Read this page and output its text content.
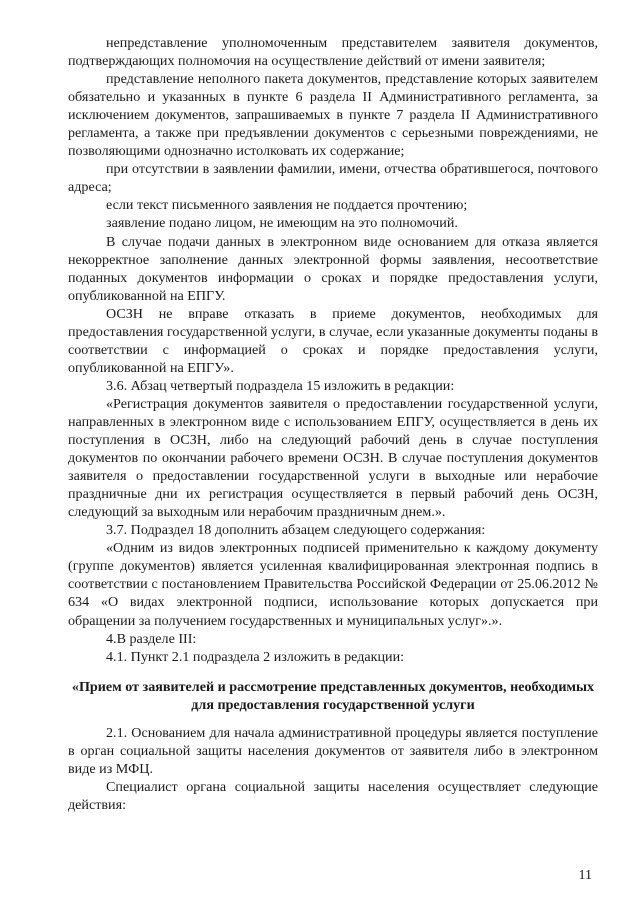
непредставление уполномоченным представителем заявителя документов, подтверждающих полномочия на осуществление действий от имени заявителя;

представление неполного пакета документов, представление которых заявителем обязательно и указанных в пункте 6 раздела II Административного регламента, за исключением документов, запрашиваемых в пункте 7 раздела II Административного регламента, а также при предъявлении документов с серьезными повреждениями, не позволяющими однозначно истолковать их содержание;

при отсутствии в заявлении фамилии, имени, отчества обратившегося, почтового адреса;

если текст письменного заявления не поддается прочтению;

заявление подано лицом, не имеющим на это полномочий.

В случае подачи данных в электронном виде основанием для отказа является некорректное заполнение данных электронной формы заявления, несоответствие поданных документов информации о сроках и порядке предоставления услуги, опубликованной на ЕПГУ.

ОСЗН не вправе отказать в приеме документов, необходимых для предоставления государственной услуги, в случае, если указанные документы поданы в соответствии с информацией о сроках и порядке предоставления услуги, опубликованной на ЕПГУ».

3.6. Абзац четвертый подраздела 15 изложить в редакции:

«Регистрация документов заявителя о предоставлении государственной услуги, направленных в электронном виде с использованием ЕПГУ, осуществляется в день их поступления в ОСЗН, либо на следующий рабочий день в случае поступления документов по окончании рабочего времени ОСЗН. В случае поступления документов заявителя о предоставлении государственной услуги в выходные или нерабочие праздничные дни их регистрация осуществляется в первый рабочий день ОСЗН, следующий за выходным или нерабочим праздничным днем.».

3.7. Подраздел 18 дополнить абзацем следующего содержания:

«Одним из видов электронных подписей применительно к каждому документу (группе документов) является усиленная квалифицированная электронная подпись в соответствии с постановлением Правительства Российской Федерации от 25.06.2012 № 634 «О видах электронной подписи, использование которых допускается при обращении за получением государственных и муниципальных услуг».».

4.В разделе III:

4.1. Пункт 2.1 подраздела 2 изложить в редакции:

«Прием от заявителей и рассмотрение представленных документов, необходимых для предоставления государственной услуги

2.1. Основанием для начала административной процедуры является поступление в орган социальной защиты населения документов от заявителя либо в электронном виде из МФЦ.

Специалист органа социальной защиты населения осуществляет следующие действия:

11
